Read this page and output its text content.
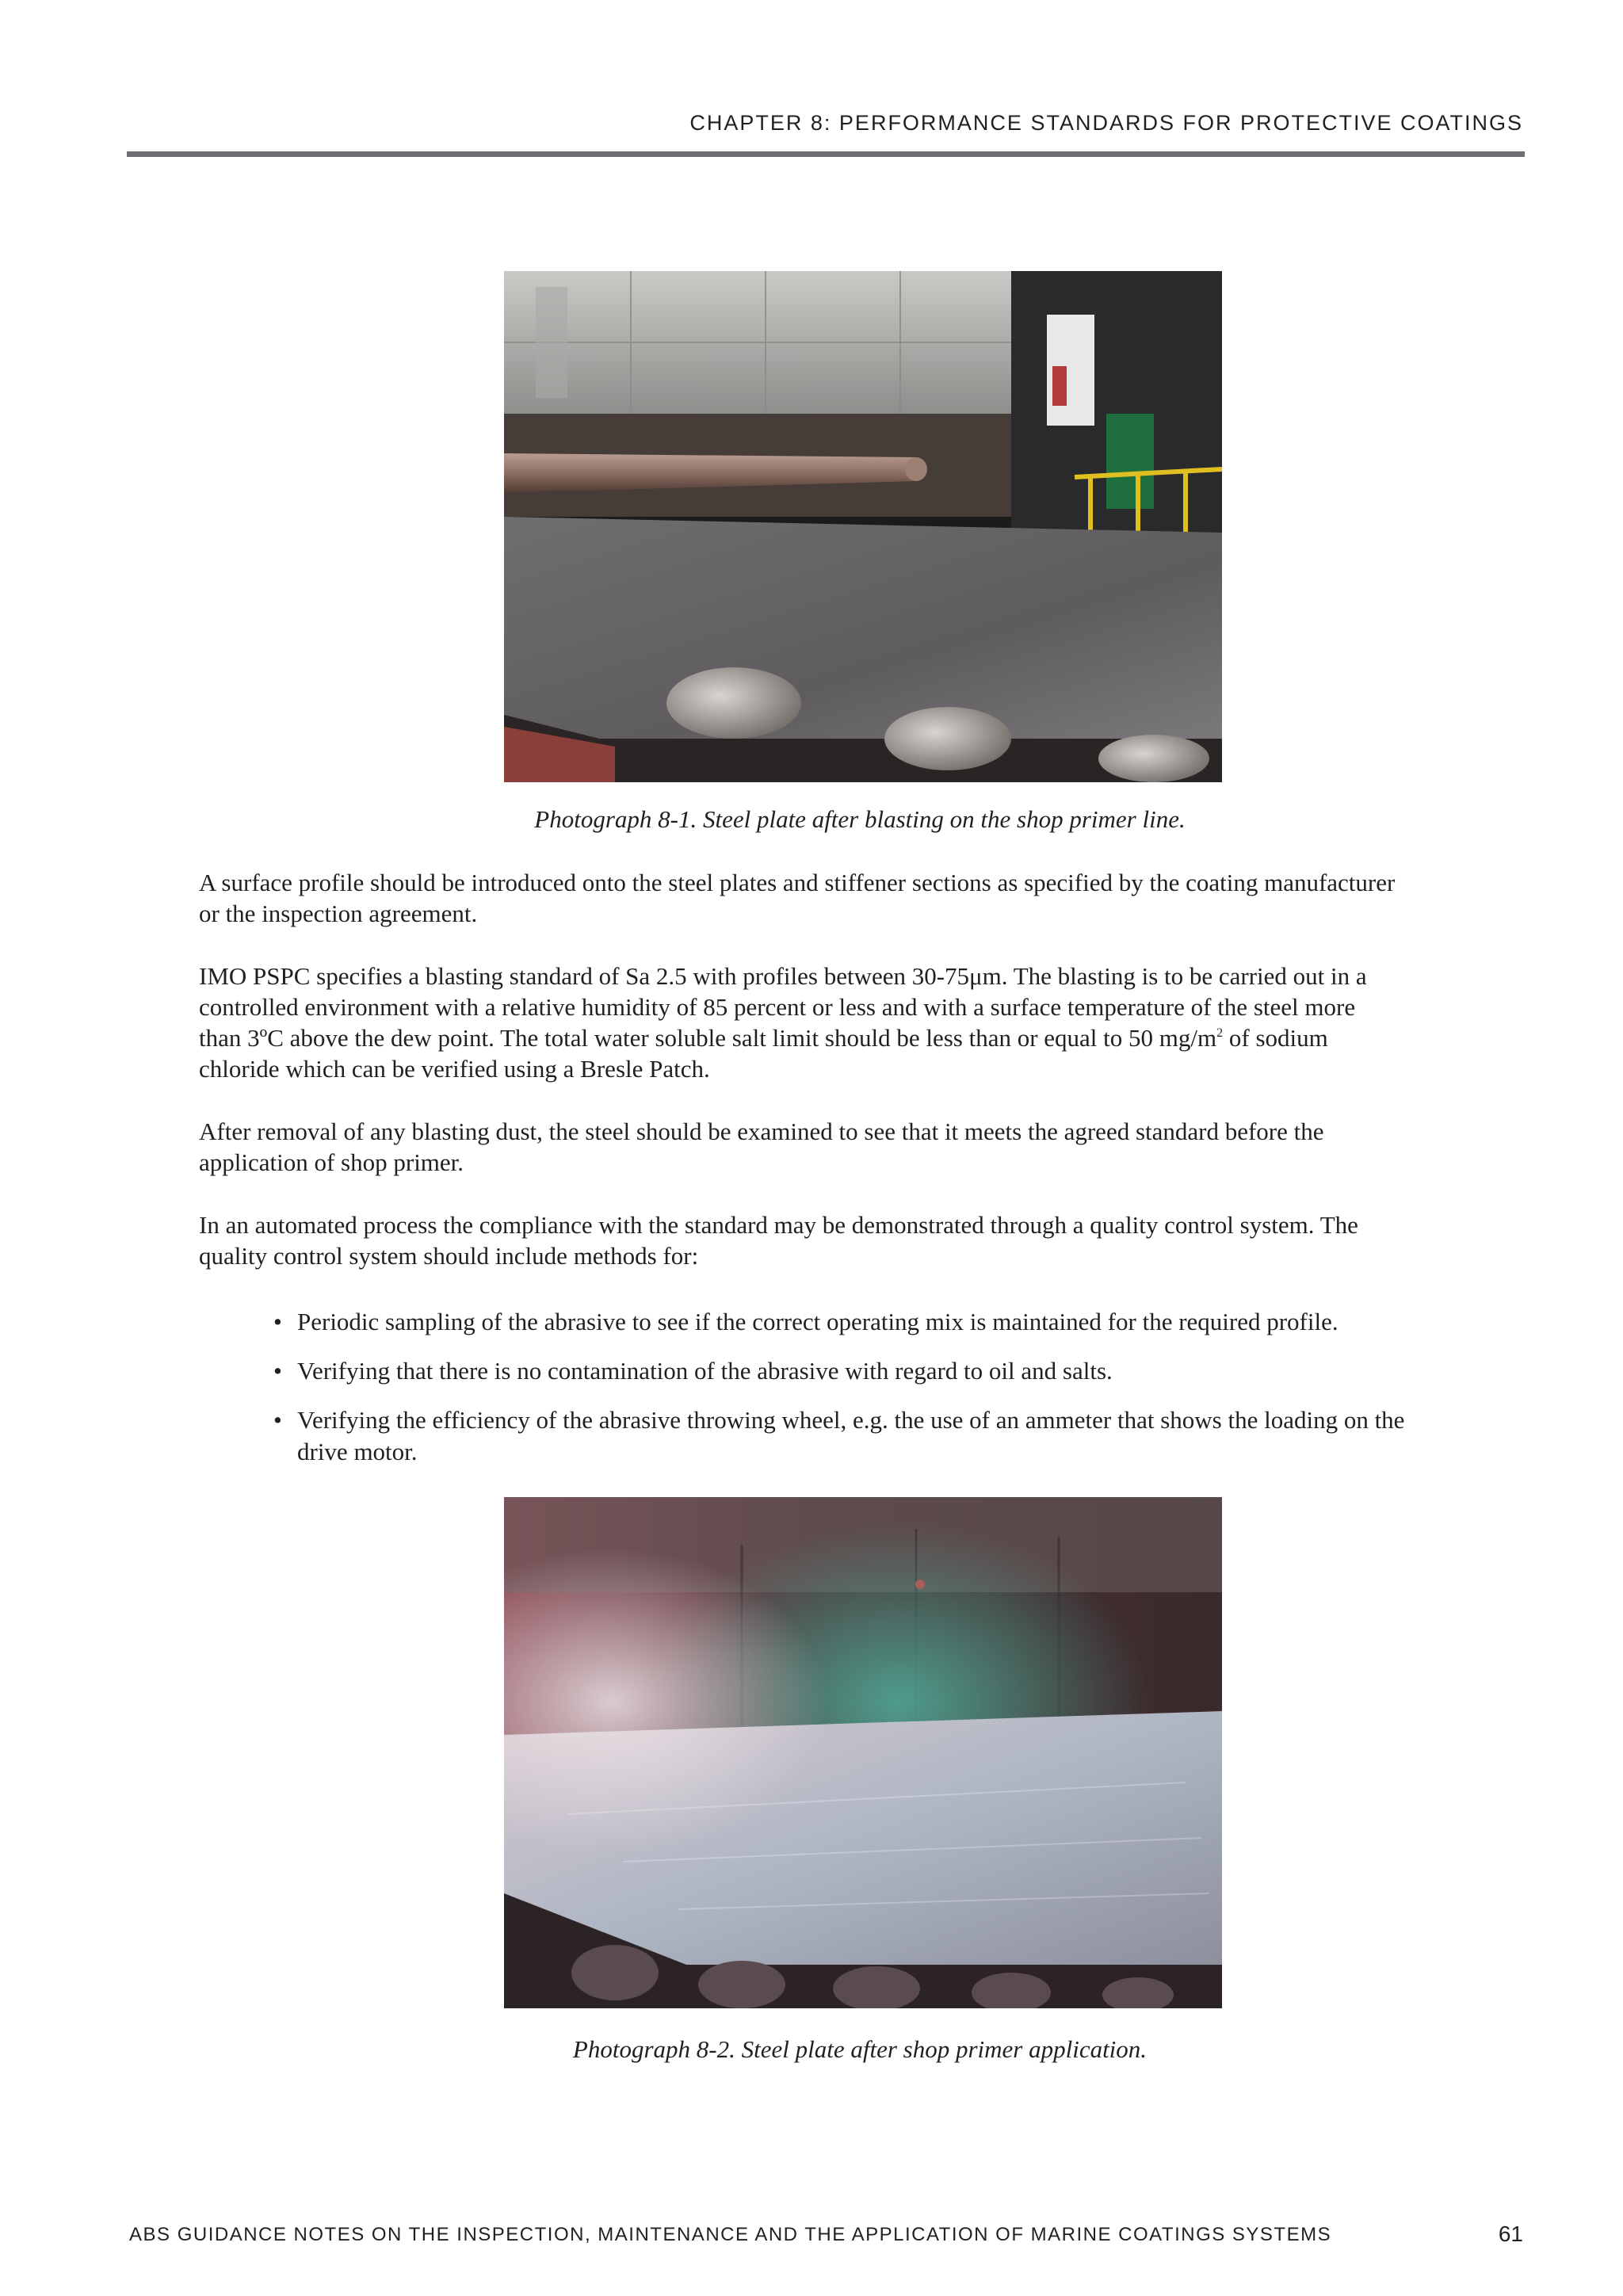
CHAPTER 8: PERFORMANCE STANDARDS FOR PROTECTIVE COATINGS
Photograph 8-1. Steel plate after blasting on the shop primer line.
A surface profile should be introduced onto the steel plates and stiffener sections as specified by the coating manufacturer
or the inspection agreement.
IMO PSPC specifies a blasting standard of Sa 2.5 with profiles between 30-75μm. The blasting is to be carried out in a
controlled environment with a relative humidity of 85 percent or less and with a surface temperature of the steel more
than 3ºC above the dew point. The total water soluble salt limit should be less than or equal to 50 $mg/m^2$ of sodium
chloride which can be verified using a Bresle Patch.
After removal of any blasting dust, the steel should be examined to see that it meets the agreed standard before the
application of shop primer.
In an automated process the compliance with the standard may be demonstrated through a quality control system. The
quality control system should include methods for:
• Periodic sampling of the abrasive to see if the correct operating mix is maintained for the required profile.
• Verifying that there is no contamination of the abrasive with regard to oil and salts.
• Verifying the efficiency of the abrasive throwing wheel, e.g. the use of an ammeter that shows the loading on the
drive motor.
Photograph 8-2. Steel plate after shop primer application.
ABS GUIDANCE NOTES ON THE INSPECTION, MAINTENANCE AND THE APPLICATION OF MARINE COATINGS SYSTEMS	61
